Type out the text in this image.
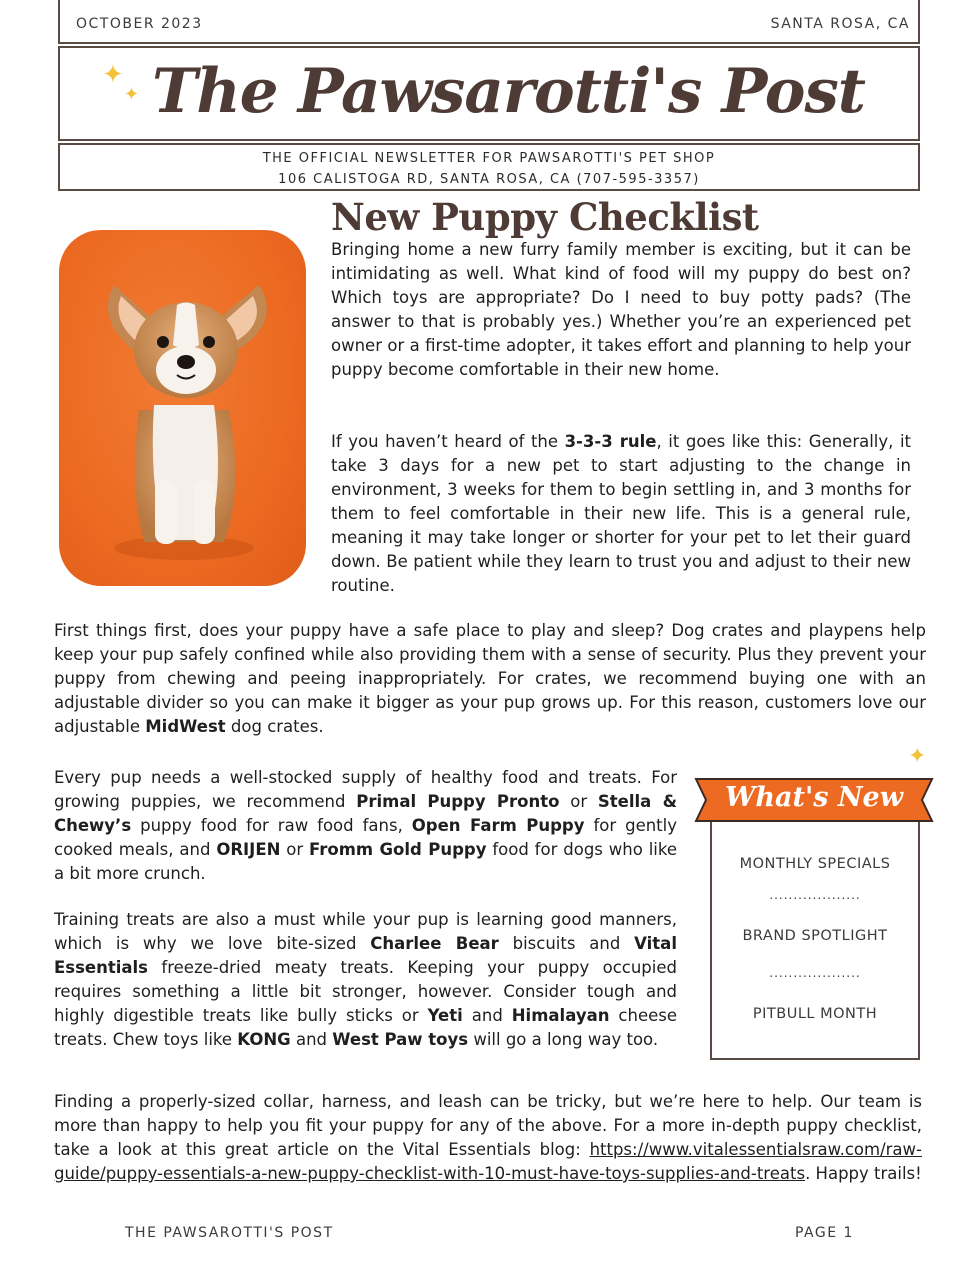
OCTOBER 2023	SANTA ROSA, CA
The Pawsarotti's Post
✦
✦
THE OFFICIAL NEWSLETTER FOR PAWSAROTTI'S PET SHOP
106 CALISTOGA RD, SANTA ROSA, CA (707-595-3357)
New Puppy Checklist

Bringing home a new furry family member is exciting, but it can be intimidating as well. What kind of food will my puppy do best on? Which toys are appropriate? Do I need to buy potty pads? (The answer to that is probably yes.) Whether you’re an experienced pet owner or a first-time adopter, it takes effort and planning to help your puppy become comfortable in their new home.

If you haven’t heard of the 3-3-3 rule, it goes like this: Generally, it take 3 days for a new pet to start adjusting to the change in environment, 3 weeks for them to begin settling in, and 3 months for them to feel comfortable in their new life. This is a general rule, meaning it may take longer or shorter for your pet to let their guard down. Be patient while they learn to trust you and adjust to their new routine.

First things first, does your puppy have a safe place to play and sleep? Dog crates and playpens help keep your pup safely confined while also providing them with a sense of security. Plus they prevent your puppy from chewing and peeing inappropriately. For crates, we recommend buying one with an adjustable divider so you can make it bigger as your pup grows up. For this reason, customers love our adjustable MidWest dog crates.

Every pup needs a well-stocked supply of healthy food and treats. For growing puppies, we recommend Primal Puppy Pronto or Stella & Chewy’s puppy food for raw food fans, Open Farm Puppy for gently cooked meals, and ORIJEN or Fromm Gold Puppy food for dogs who like a bit more crunch.

Training treats are also a must while your pup is learning good manners, which is why we love bite-sized Charlee Bear biscuits and Vital Essentials freeze-dried meaty treats. Keeping your puppy occupied requires something a little bit stronger, however. Consider tough and highly digestible treats like bully sticks or Yeti and Himalayan cheese treats. Chew toys like KONG and West Paw toys will go a long way too.

Finding a properly-sized collar, harness, and leash can be tricky, but we’re here to help. Our team is more than happy to help you fit your puppy for any of the above. For a more in-depth puppy checklist, take a look at this great article on the Vital Essentials blog: https://www.vitalessentialsraw.com/raw-guide/puppy-essentials-a-new-puppy-checklist-with-10-must-have-toys-supplies-and-treats. Happy trails!

What's New
✦
MONTHLY SPECIALS
...................
BRAND SPOTLIGHT
...................
PITBULL MONTH
THE PAWSAROTTI'S POST	PAGE 1
